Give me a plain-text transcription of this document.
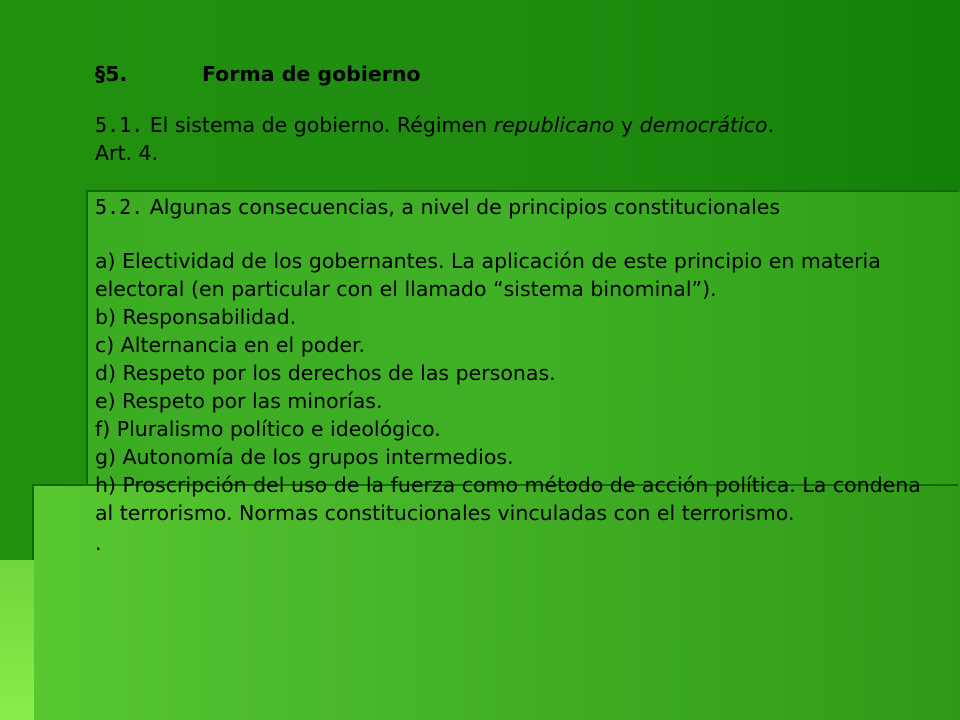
§5.	Forma de gobierno

5.1. El sistema de gobierno. Régimen republicano y democrático.

Art. 4.

5.2. Algunas consecuencias, a nivel de principios constitucionales

a) Electividad de los gobernantes. La aplicación de este principio en materia electoral (en particular con el llamado “sistema binominal”).

b) Responsabilidad.

c) Alternancia en el poder.

d) Respeto por los derechos de las personas.

e) Respeto por las minorías.

f) Pluralismo político e ideológico.

g) Autonomía de los grupos intermedios.

h) Proscripción del uso de la fuerza como método de acción política. La condena al terrorismo. Normas constitucionales vinculadas con el terrorismo.

.
